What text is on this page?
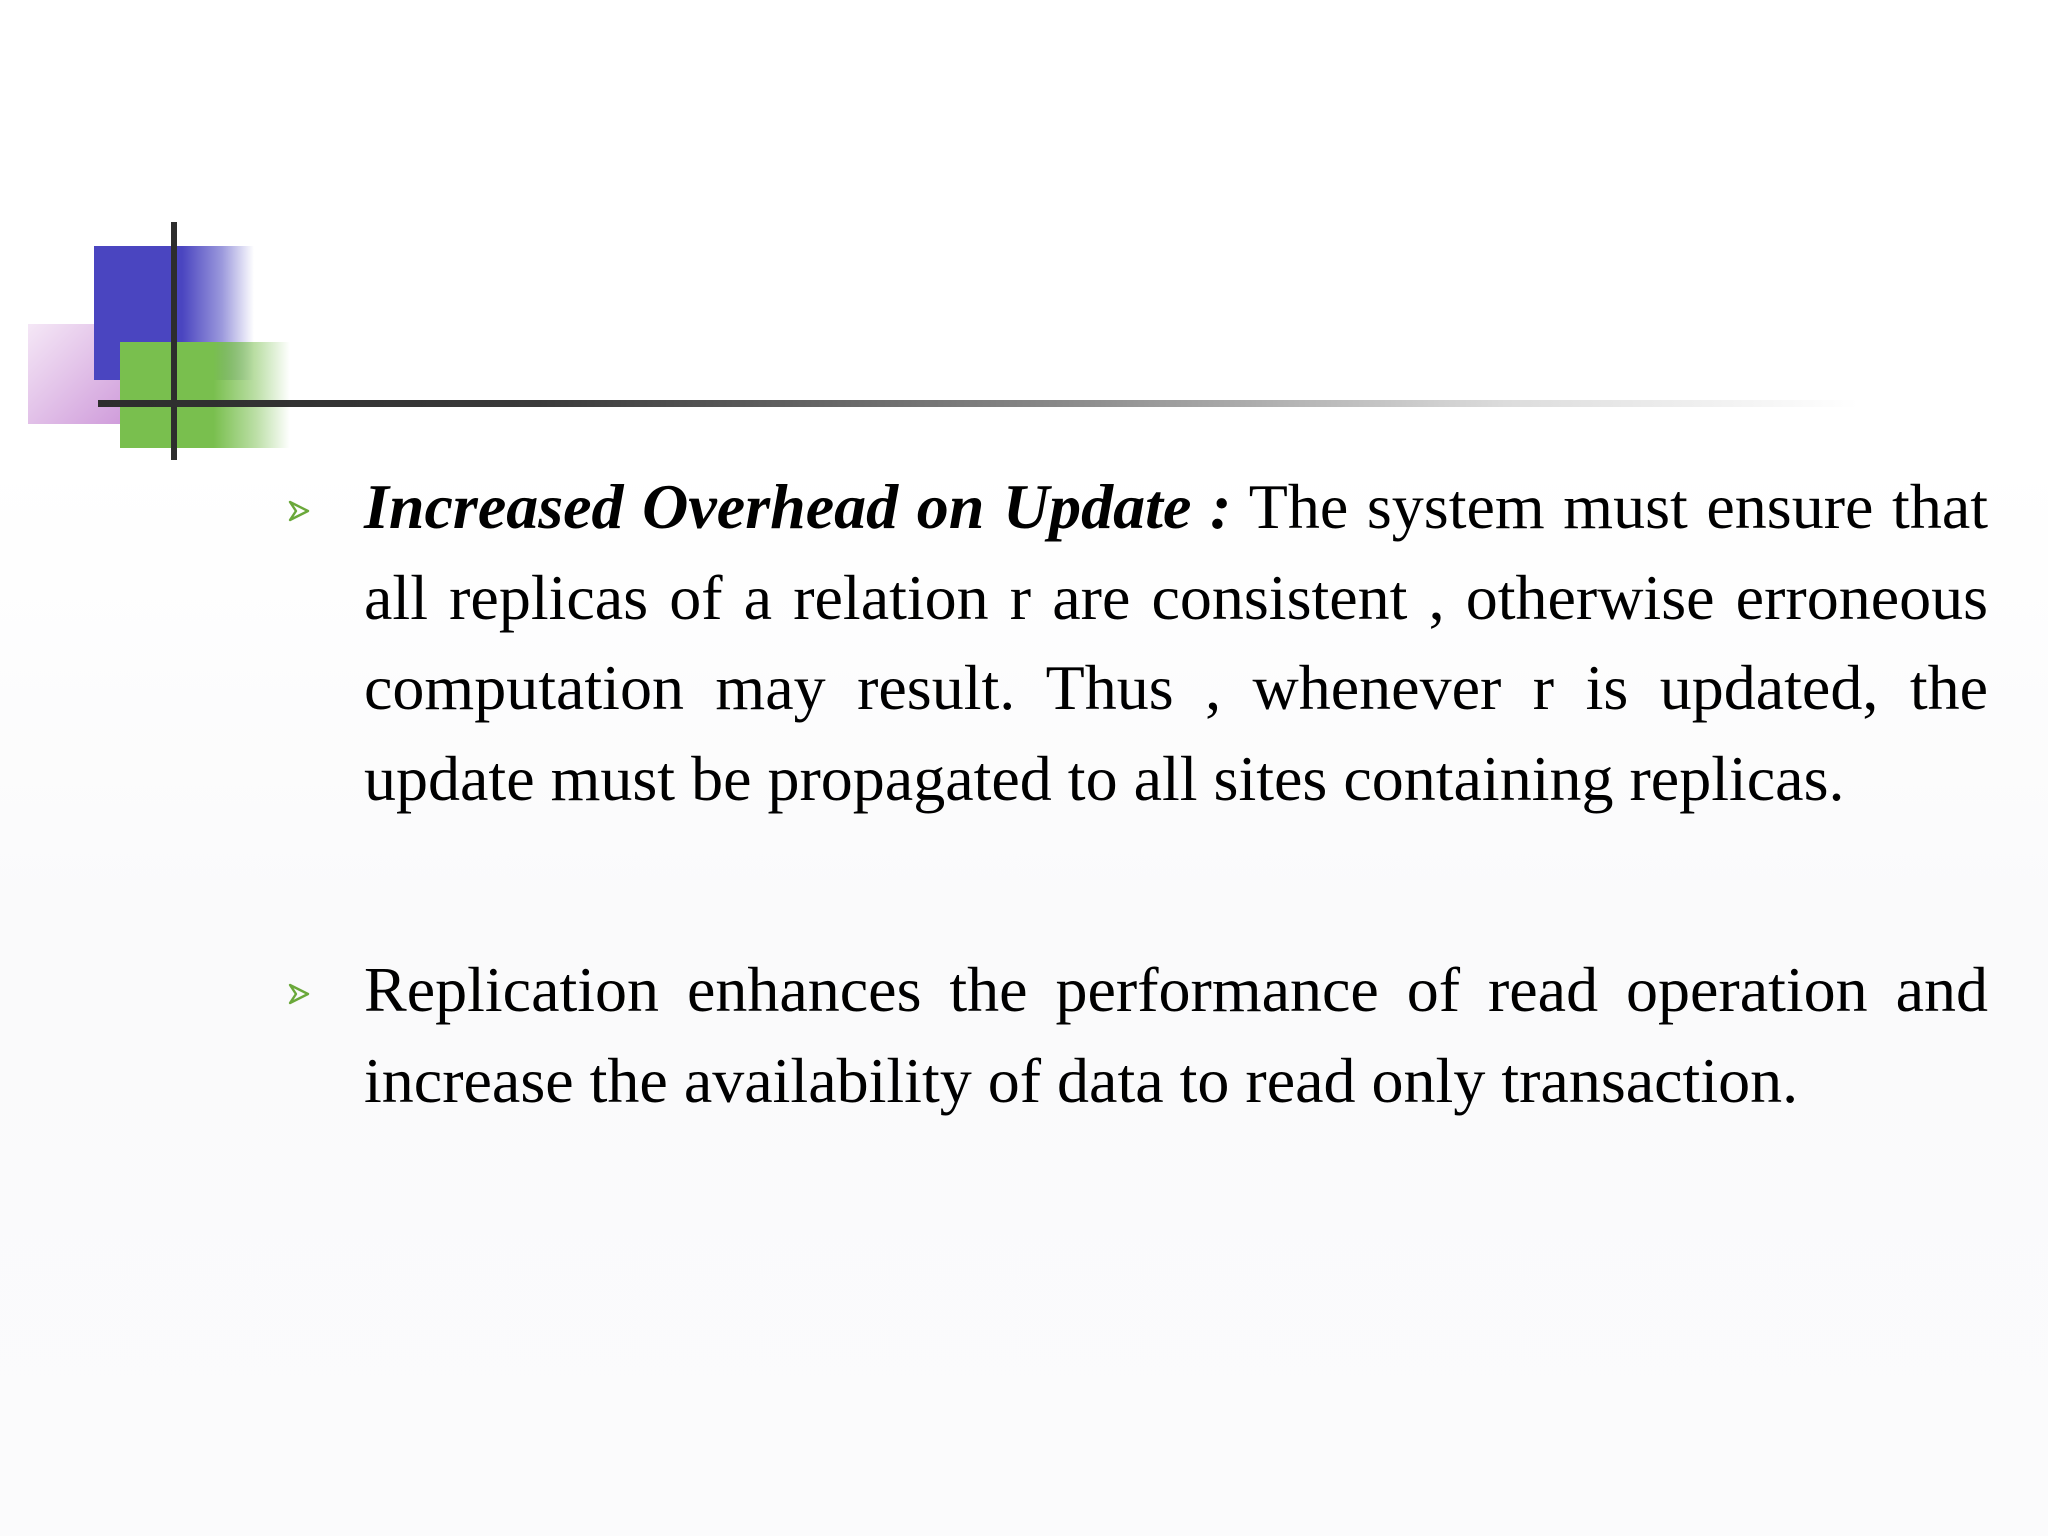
Increased Overhead on Update : The system must ensure that all replicas of a relation r are consistent , otherwise erroneous computation may result. Thus , whenever r is updated, the update must be propagated to all sites containing replicas.
Replication enhances the performance of read operation and increase the availability of data to read only transaction.
